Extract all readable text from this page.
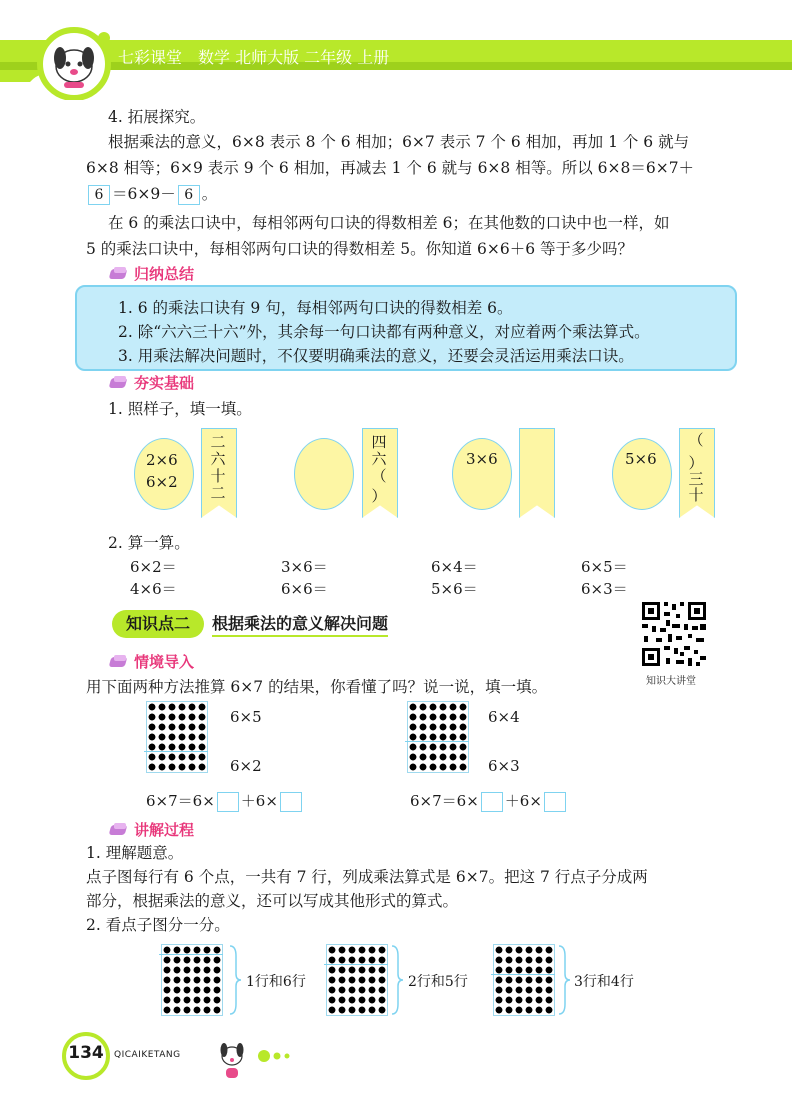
七彩课堂　数学 北师大版 二年级 上册
4. 拓展探究。
根据乘法的意义，6×8 表示 8 个 6 相加；6×7 表示 7 个 6 相加，再加 1 个 6 就与
6×8 相等；6×9 表示 9 个 6 相加，再减去 1 个 6 就与 6×8 相等。所以 6×8＝6×7＋
6 ＝6×9－ 6 。
在 6 的乘法口诀中，每相邻两句口诀的得数相差 6；在其他数的口诀中也一样，如
5 的乘法口诀中，每相邻两句口诀的得数相差 5。你知道 6×6＋6 等于多少吗？
归纳总结
1. 6 的乘法口诀有 9 句，每相邻两句口诀的得数相差 6。
2. 除“六六三十六”外，其余每一句口诀都有两种意义，对应着两个乘法算式。
3. 用乘法解决问题时，不仅要明确乘法的意义，还要会灵活运用乘法口诀。
夯实基础
1. 照样子，填一填。
2×6
6×2
二
六
十
二
四
六
（
）
3×6	5×6
（
）
三
十
2. 算一算。
6×2＝	3×6＝	6×4＝	6×5＝
4×6＝	6×6＝	5×6＝	6×3＝
知识点二	根据乘法的意义解决问题
知识大讲堂
情境导入
用下面两种方法推算 6×7 的结果，你看懂了吗？说一说，填一填。
6×5
6×2
6×7＝6× ＋6×
6×4
6×3
6×7＝6× ＋6×
讲解过程
1. 理解题意。
点子图每行有 6 个点，一共有 7 行，列成乘法算式是 6×7。把这 7 行点子分成两
部分，根据乘法的意义，还可以写成其他形式的算式。
2. 看点子图分一分。
1行和6行	2行和5行	3行和4行
134 QICAIKETANG
